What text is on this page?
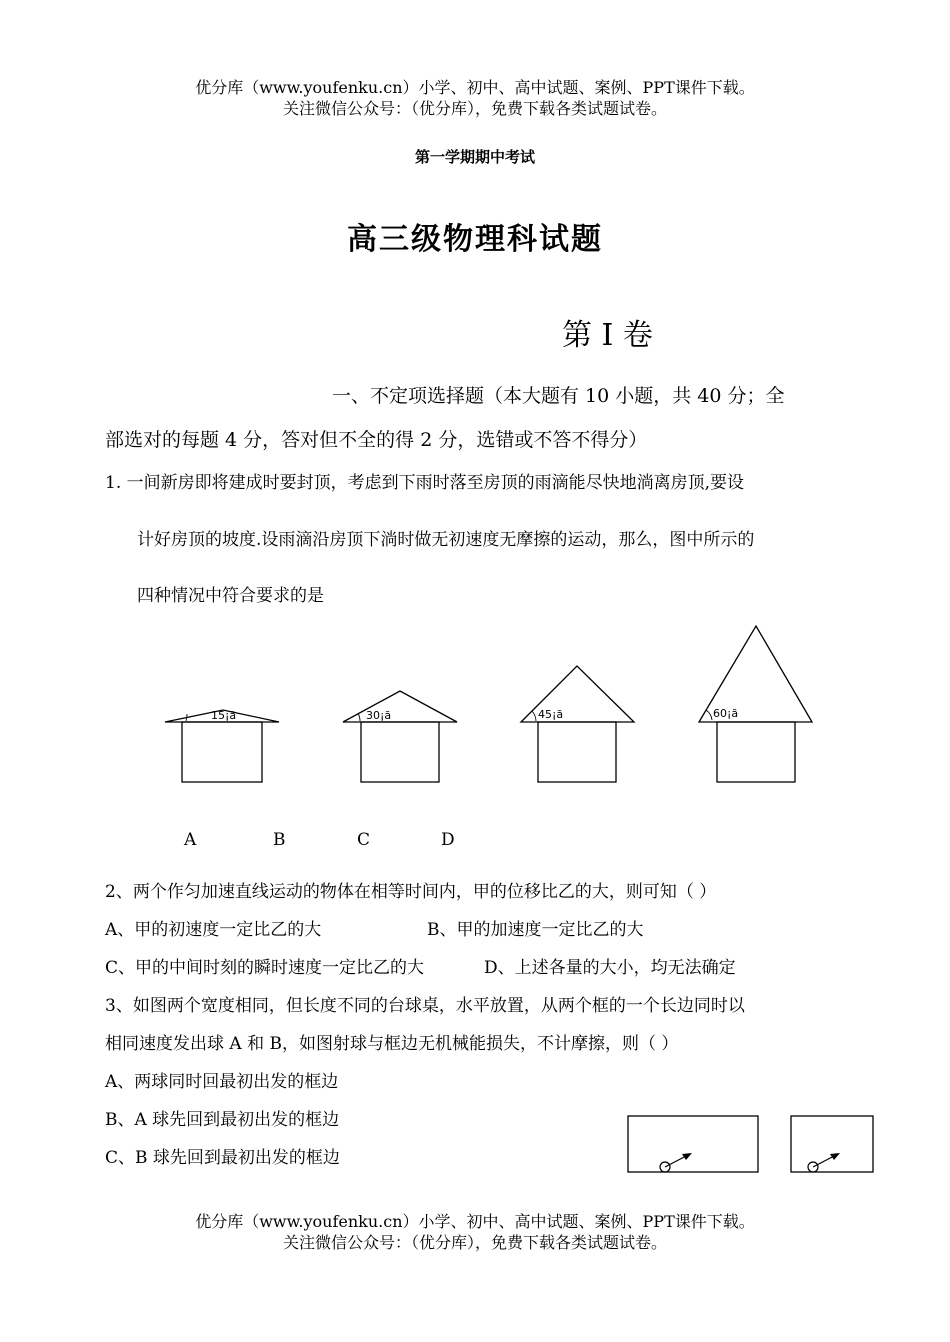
优分库（www.youfenku.cn）小学、初中、高中试题、案例、PPT课件下载。
关注微信公众号：（优分库），免费下载各类试题试卷。
第一学期期中考试
高三级物理科试题
第 I 卷
一、不定项选择题（本大题有 10 小题，共 40 分；全
部选对的每题 4 分，答对但不全的得 2 分，选错或不答不得分）
1. 一间新房即将建成时要封顶，考虑到下雨时落至房顶的雨滴能尽快地淌离房顶,要设
计好房顶的坡度.设雨滴沿房顶下淌时做无初速度无摩擦的运动，那么，图中所示的
四种情况中符合要求的是
15¡ã	30¡ã	45¡ã	60¡ã
A	B	C	D
2、两个作匀加速直线运动的物体在相等时间内，甲的位移比乙的大，则可知（ ）
A、甲的初速度一定比乙的大	B、甲的加速度一定比乙的大
C、甲的中间时刻的瞬时速度一定比乙的大	D、上述各量的大小，均无法确定
3、如图两个宽度相同，但长度不同的台球桌，水平放置，从两个框的一个长边同时以
相同速度发出球 A 和 B，如图射球与框边无机械能损失，不计摩擦，则（ ）
A、两球同时回最初出发的框边
B、A 球先回到最初出发的框边
C、B 球先回到最初出发的框边
优分库（www.youfenku.cn）小学、初中、高中试题、案例、PPT课件下载。
关注微信公众号：（优分库），免费下载各类试题试卷。
